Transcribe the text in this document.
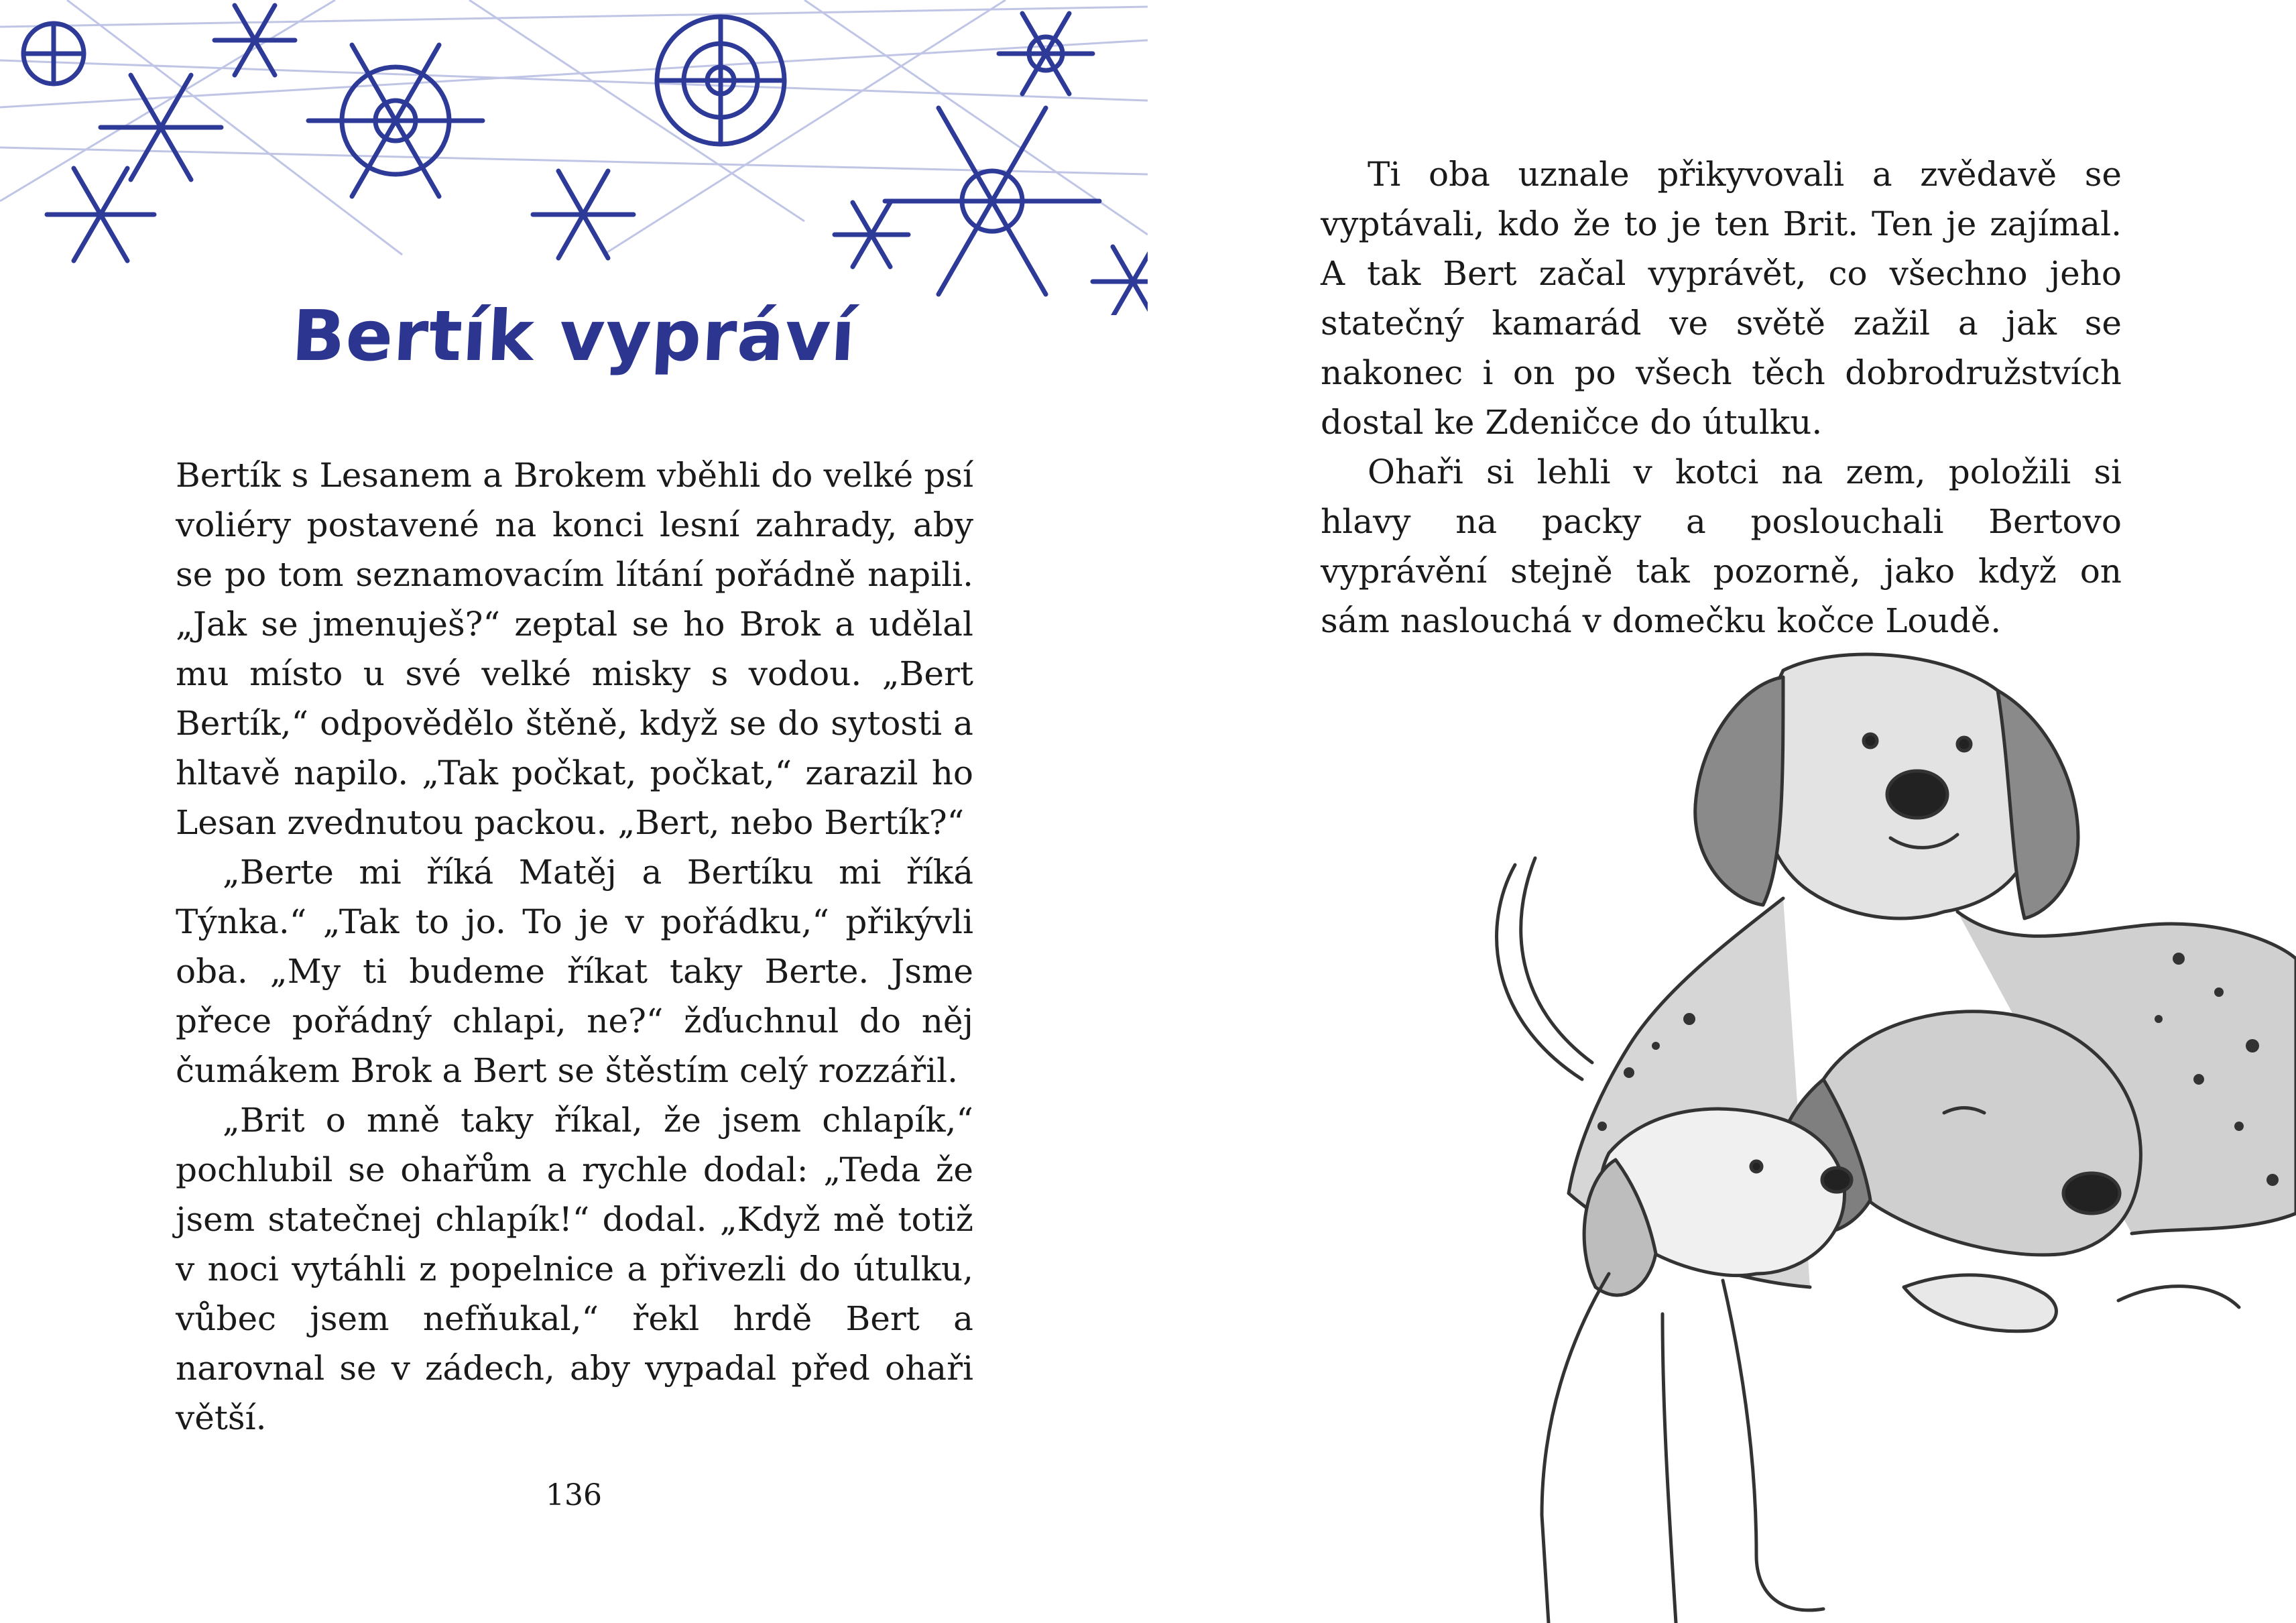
Bertík vypráví

Bertík s Lesanem a Brokem vběhli do velké psí voliéry postavené na konci lesní zahrady, aby se po tom seznamovacím lítání pořádně napili. „Jak se jmenuješ?“ zeptal se ho Brok a udělal mu místo u své velké misky s vodou. „Bert Bertík,“ odpovědělo štěně, když se do sytosti a hltavě napilo. „Tak počkat, počkat,“ zarazil ho Lesan zvednutou packou. „Bert, nebo Bertík?“

„Berte mi říká Matěj a Bertíku mi říká Týnka.“ „Tak to jo. To je v pořádku,“ přikývli oba. „My ti budeme říkat taky Berte. Jsme přece pořádný chlapi, ne?“ žďuchnul do něj čumákem Brok a Bert se štěstím celý rozzářil.

„Brit o mně taky říkal, že jsem chlapík,“ pochlubil se ohařům a rychle dodal: „Teda že jsem statečnej chlapík!“ dodal. „Když mě totiž v noci vytáhli z popelnice a přivezli do útulku, vůbec jsem nefňukal,“ řekl hrdě Bert a narovnal se v zádech, aby vypadal před ohaři větší.

136

Ti oba uznale přikyvovali a zvědavě se vyptávali, kdo že to je ten Brit. Ten je zajímal. A tak Bert začal vyprávět, co všechno jeho statečný kamarád ve světě zažil a jak se nakonec i on po všech těch dobrodružstvích dostal ke Zdeničce do útulku.

Ohaři si lehli v kotci na zem, položili si hlavy na packy a poslouchali Bertovo vyprávění stejně tak pozorně, jako když on sám naslouchá v domečku kočce Loudě.
